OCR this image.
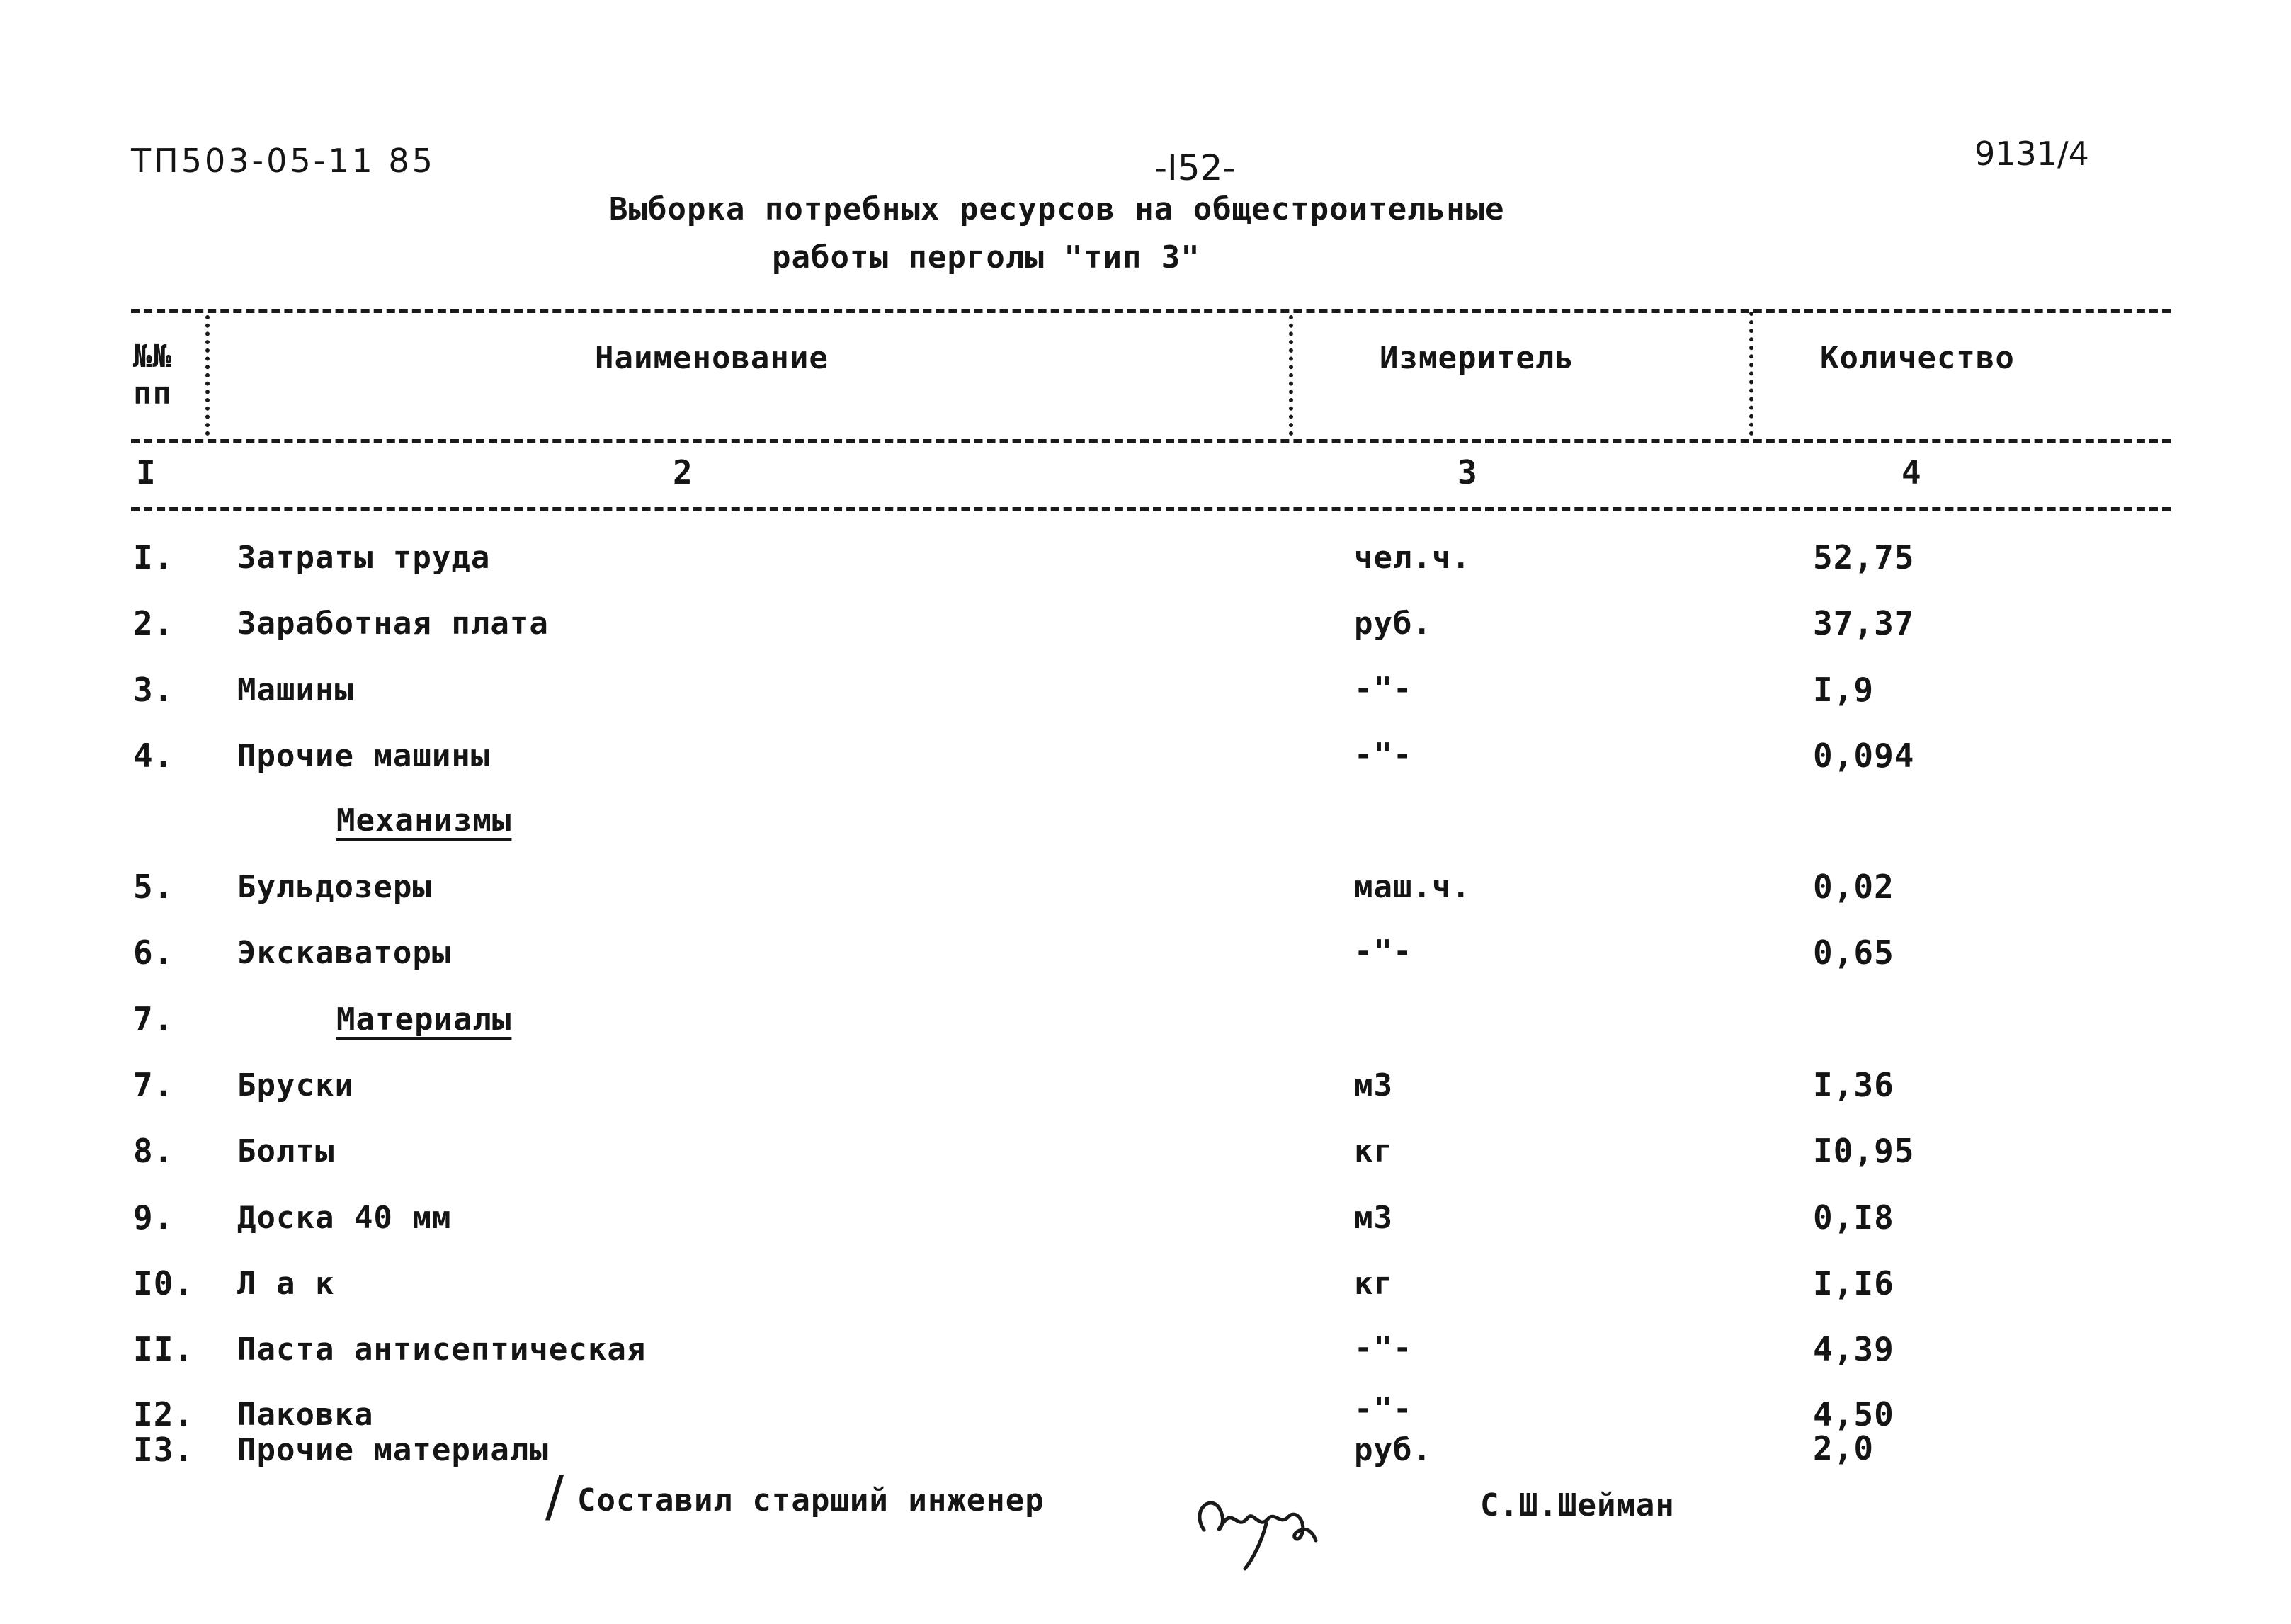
ТП503-05-11 85	-I52-	9131/4
Выборка потребных ресурсов на общестроительные
работы перголы "тип 3"
№№ пп
Наименование	Измеритель	Количество
I	2	3	4
I. Затраты труда	чел.ч.	52,75
2. Заработная плата	руб.	37,37
3. Машины	-"-	I,9
4. Прочие машины	-"-	0,094
Механизмы
5. Бульдозеры	маш.ч.	0,02
6. Экскаваторы	-"-	0,65
7.	Материалы
7. Бруски	м3	I,36
8. Болты	кг	I0,95
9. Доска 40 мм	м3	0,I8
I0. Л а к	кг	I,I6
II. Паста антисептическая	-"-	4,39
I2. Паковка	-"-	4,50
I3. Прочие материалы	руб.	2,0
/ Составил старший инженер	С.Ш.Шейман
